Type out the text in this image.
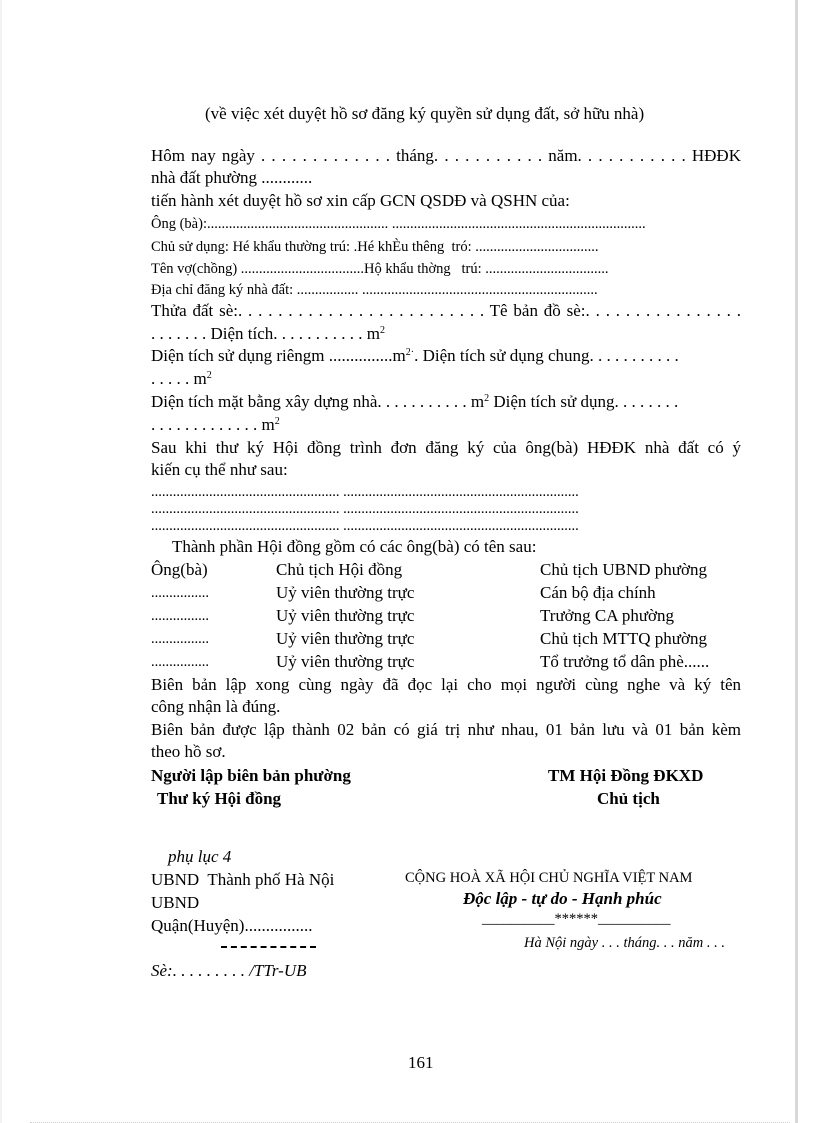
(về việc xét duyệt hồ sơ đăng ký quyền sử dụng đất, sở hữu nhà)
Hôm nay ngày . . . . . . . . . . . . . tháng. . . . . . . . . . . năm. . . . . . . . . . . HĐĐK
nhà đất phường ............
tiến hành xét duyệt hồ sơ xin cấp GCN QSDĐ và QSHN của:
Ông (bà):.................................................. ......................................................................
Chủ sử dụng: Hé khẩu thường trú: .Hé khÈu thêng  tró: ..................................
Tên vợ(chồng) ..................................Hộ khẩu thờng   trú: ..................................
Địa chỉ đăng ký nhà đất: ................. .................................................................
Thửa đất sè:. . . . . . . . . . . . . . . . . . . . . . . . . Tê bản đồ sè:. . . . . . . . . . . . . . . .
. . . . . . . Diện tích. . . . . . . . . . . $m^2$
Diện tích sử dụng riêngm $...............m^{2\cdot}$. Diện tích sử dụng chung. . . . . . . . . . .
. . . . . $m^2$
Diện tích mặt bằng xây dựng nhà. . . . . . . . . . . $m^2$ Diện tích sử dụng. . . . . . . .
. . . . . . . . . . . . . $m^2$
Sau khi thư ký Hội đồng trình đơn đăng ký của ông(bà) HĐĐK nhà đất có ý
kiến cụ thể như sau:
.................................................... .................................................................
.................................................... .................................................................
.................................................... .................................................................
Thành phần Hội đồng gồm có các ông(bà) có tên sau:
Ông(bà)	Chủ tịch Hội đồng	Chủ tịch UBND phường
................	Uỷ viên thường trực	Cán bộ địa chính
................	Uỷ viên thường trực	Trưởng CA phường
................	Uỷ viên thường trực	Chủ tịch MTTQ phường
................	Uỷ viên thường trực	Tổ trưởng tổ dân phè......
Biên bản lập xong cùng ngày đã đọc lại cho mọi người cùng nghe và ký tên
công nhận là đúng.
Biên bản được lập thành 02 bản có giá trị như nhau, 01 bản lưu và 01 bản kèm
theo hồ sơ.
Người lập biên bản phường
Thư ký Hội đồng
TM Hội Đồng ĐKXD
Chủ tịch
phụ lục 4
UBND  Thành phố Hà Nội
UBND
Quận(Huyện)................
Sè:. . . . . . . . . /TTr-UB
CỘNG HOÀ XÃ HỘI CHỦ NGHĨA VIỆT NAM
Độc lập - tự do - Hạnh phúc
__________******__________
Hà Nội ngày . . . tháng. . . năm . . .
161
